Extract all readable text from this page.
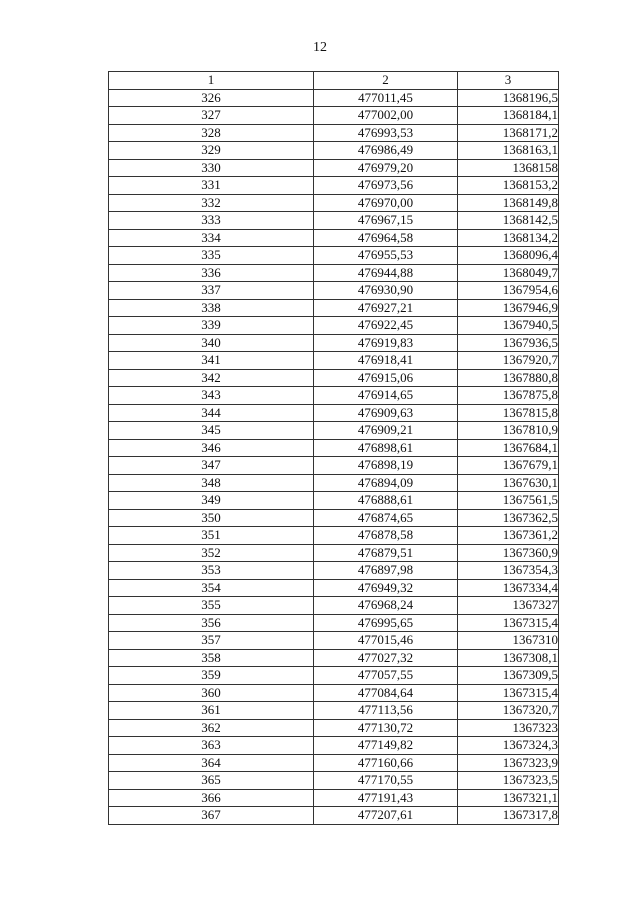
12
1	2	3
326	477011,45	1368196,5
327	477002,00	1368184,1
328	476993,53	1368171,2
329	476986,49	1368163,1
330	476979,20	1368158
331	476973,56	1368153,2
332	476970,00	1368149,8
333	476967,15	1368142,5
334	476964,58	1368134,2
335	476955,53	1368096,4
336	476944,88	1368049,7
337	476930,90	1367954,6
338	476927,21	1367946,9
339	476922,45	1367940,5
340	476919,83	1367936,5
341	476918,41	1367920,7
342	476915,06	1367880,8
343	476914,65	1367875,8
344	476909,63	1367815,8
345	476909,21	1367810,9
346	476898,61	1367684,1
347	476898,19	1367679,1
348	476894,09	1367630,1
349	476888,61	1367561,5
350	476874,65	1367362,5
351	476878,58	1367361,2
352	476879,51	1367360,9
353	476897,98	1367354,3
354	476949,32	1367334,4
355	476968,24	1367327
356	476995,65	1367315,4
357	477015,46	1367310
358	477027,32	1367308,1
359	477057,55	1367309,5
360	477084,64	1367315,4
361	477113,56	1367320,7
362	477130,72	1367323
363	477149,82	1367324,3
364	477160,66	1367323,9
365	477170,55	1367323,5
366	477191,43	1367321,1
367	477207,61	1367317,8
